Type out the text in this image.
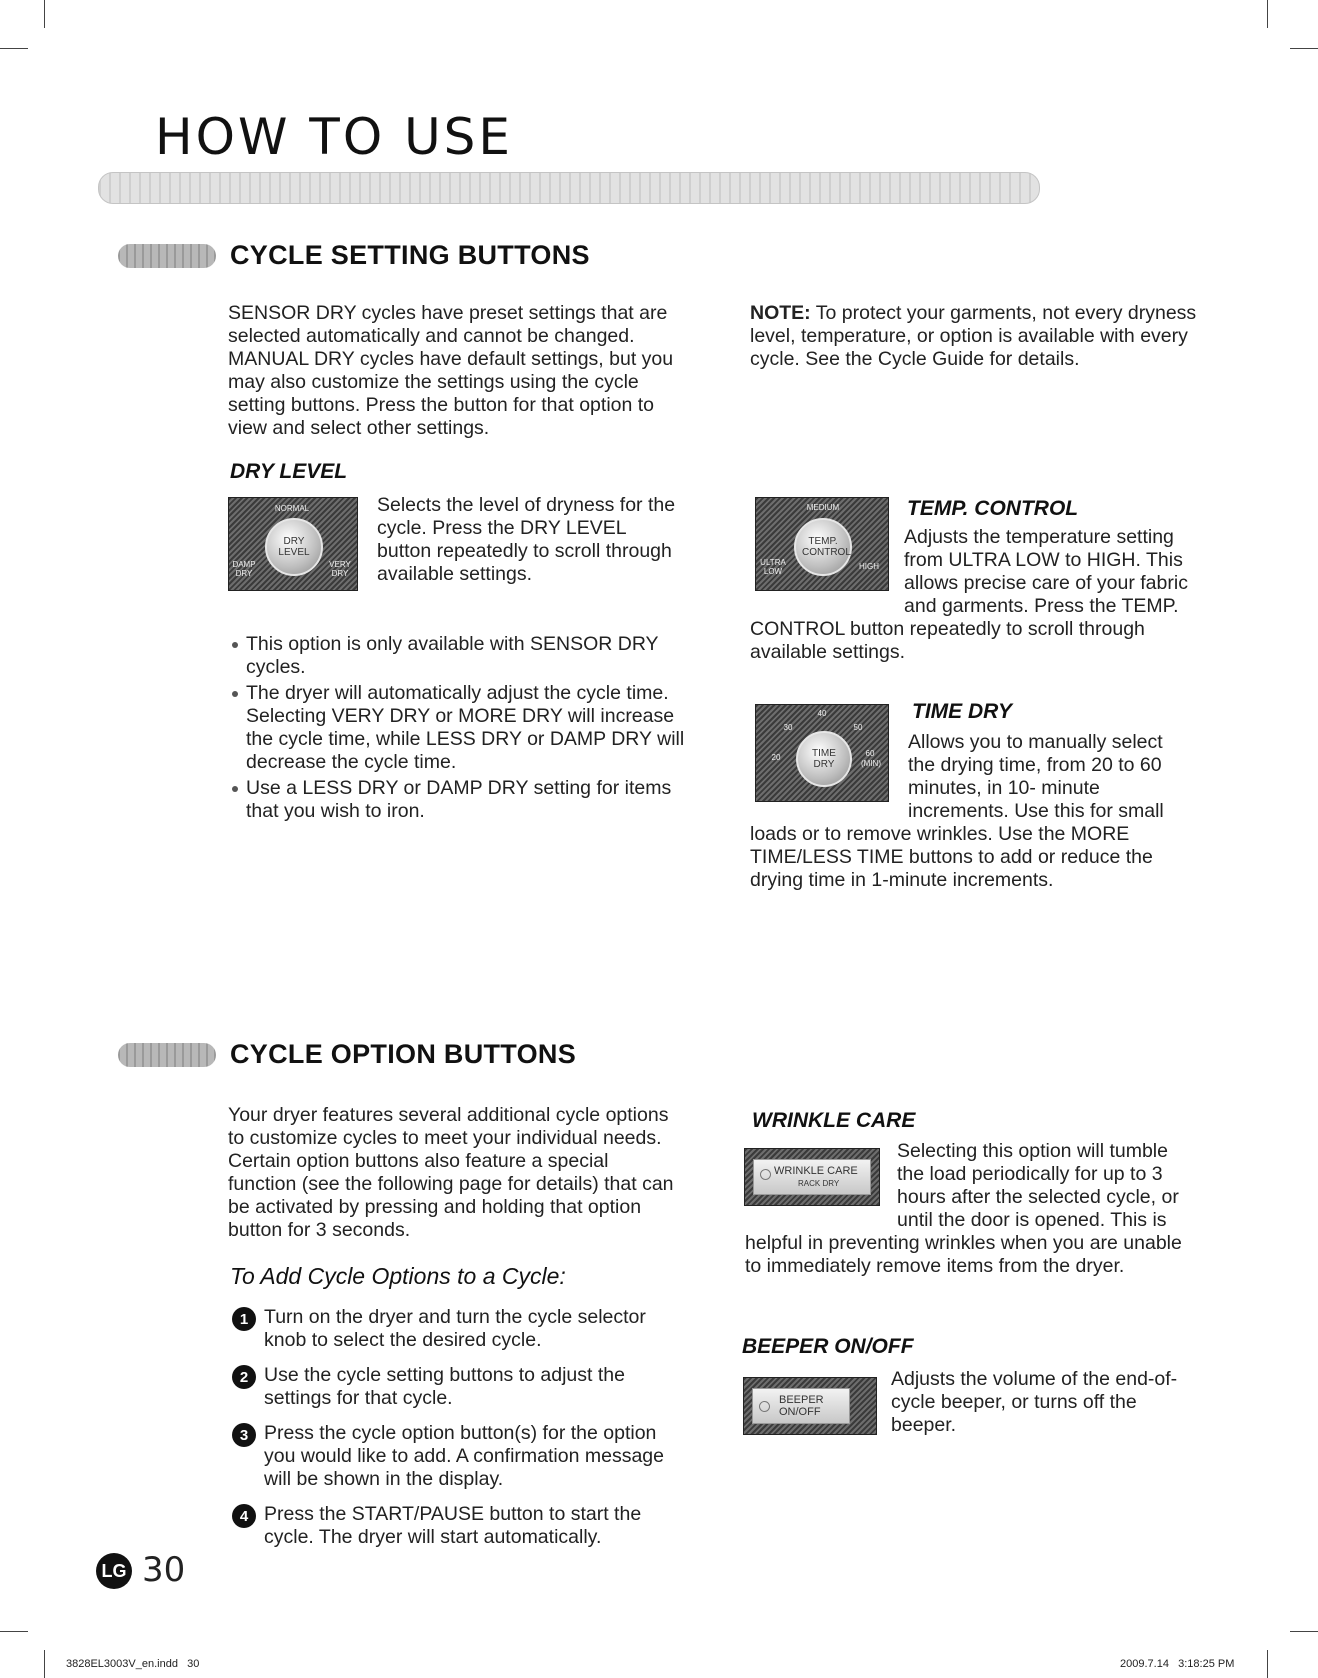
HOW TO USE
CYCLE SETTING BUTTONS

SENSOR DRY cycles have preset settings that are selected automatically and cannot be changed. MANUAL DRY cycles have default settings, but you may also customize the settings using the cycle setting buttons. Press the button for that option to view and select other settings.

NOTE: To protect your garments, not every dryness level, temperature, or option is available with every cycle. See the Cycle Guide for details.

DRY LEVEL
NORMAL
DRY LEVEL
DAMP DRY
VERY DRY

Selects the level of dryness for the cycle. Press the DRY LEVEL button repeatedly to scroll through available settings.

This option is only available with SENSOR DRY cycles.
The dryer will automatically adjust the cycle time. Selecting VERY DRY or MORE DRY will increase the cycle time, while LESS DRY or DAMP DRY will decrease the cycle time.
Use a LESS DRY or DAMP DRY setting for items that you wish to iron.
MEDIUM
TEMP. CONTROL
ULTRA LOW
HIGH
TEMP. CONTROL

Adjusts the temperature setting from ULTRA LOW to HIGH. This allows precise care of your fabric and garments. Press the TEMP. CONTROL button repeatedly to scroll through available settings.

40
30	50
20	60
(MIN)
TIME DRY
TIME DRY

Allows you to manually select the drying time, from 20 to 60 minutes, in 10- minute increments. Use this for small loads or to remove wrinkles. Use the MORE TIME/LESS TIME buttons to add or reduce the drying time in 1-minute increments.

CYCLE OPTION BUTTONS

Your dryer features several additional cycle options to customize cycles to meet your individual needs. Certain option buttons also feature a special function (see the following page for details) that can be activated by pressing and holding that option button for 3 seconds.

To Add Cycle Options to a Cycle:
1 Turn on the dryer and turn the cycle selector knob to select the desired cycle.

2 Use the cycle setting buttons to adjust the settings for that cycle.

3 Press the cycle option button(s) for the option you would like to add. A confirmation message will be shown in the display.

4 Press the START/PAUSE button to start the cycle. The dryer will start automatically.

WRINKLE CARE
WRINKLE CARE
RACK DRY

Selecting this option will tumble the load periodically for up to 3 hours after the selected cycle, or until the door is opened. This is helpful in preventing wrinkles when you are unable to immediately remove items from the dryer.

BEEPER ON/OFF
BEEPER
ON/OFF

Adjusts the volume of the end-of-cycle beeper, or turns off the beeper.

LG 30
3828EL3003V_en.indd   30	2009.7.14   3:18:25 PM
